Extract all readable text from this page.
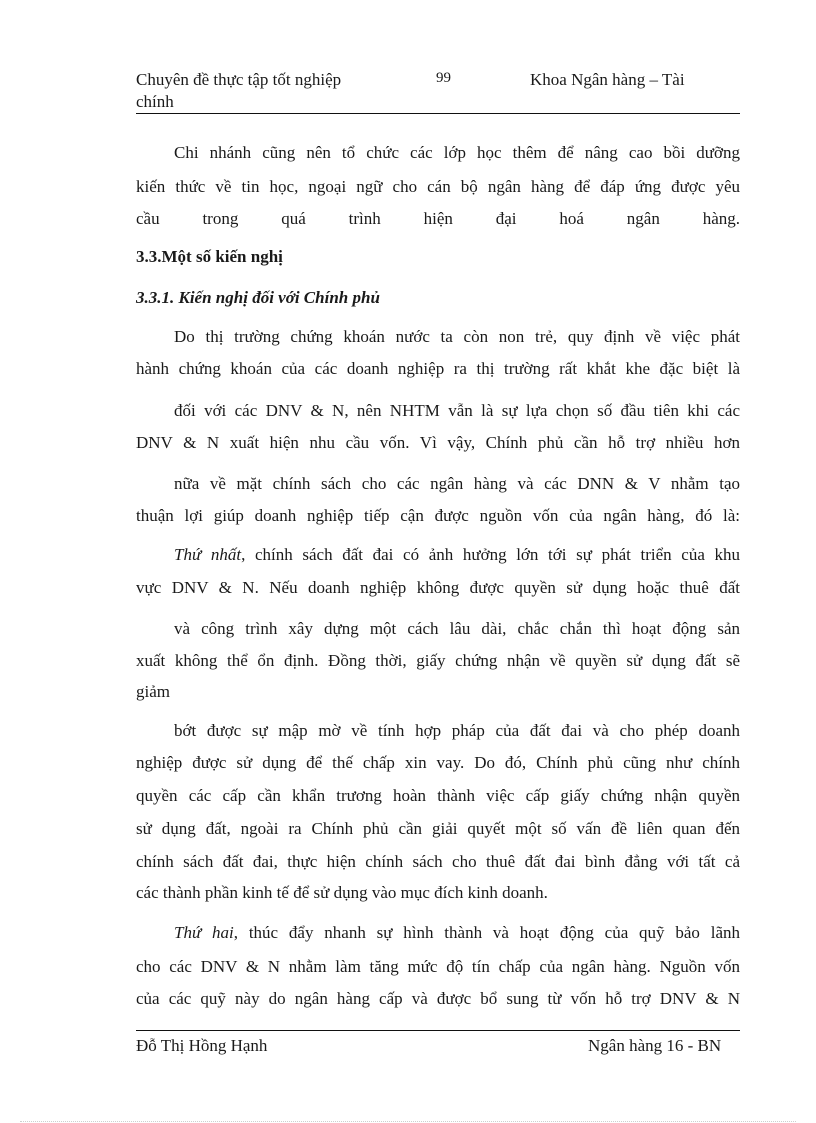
Chuyên đề thực tập tốt nghiệp
chính
99	Khoa Ngân hàng – Tài
Chi nhánh cũng nên tổ chức các lớp học thêm để nâng cao bồi dưỡng
kiến thức về tin học, ngoại ngữ cho cán bộ ngân hàng để đáp ứng được yêu
cầu trong quá trình hiện đại hoá ngân hàng.
3.3.Một số kiến nghị
3.3.1. Kiến nghị đối với Chính phủ
Do thị trường chứng khoán nước ta còn non trẻ, quy định về việc phát
hành chứng khoán của các doanh nghiệp ra thị trường rất khắt khe đặc biệt là
đối với các DNV & N, nên NHTM vẫn là sự lựa chọn số đầu tiên khi các
DNV & N xuất hiện nhu cầu vốn. Vì vậy, Chính phủ cần hỗ trợ nhiều hơn
nữa về mặt chính sách cho các ngân hàng và các DNN & V nhằm tạo
thuận lợi giúp doanh nghiệp tiếp cận được nguồn vốn của ngân hàng, đó là:
Thứ nhất, chính sách đất đai có ảnh hưởng lớn tới sự phát triển của khu
vực DNV & N. Nếu doanh nghiệp không được quyền sử dụng hoặc thuê đất
và công trình xây dựng một cách lâu dài, chắc chắn thì hoạt động sản
xuất không thể ổn định. Đồng thời, giấy chứng nhận về quyền sử dụng đất sẽ
giảm
bớt được sự mập mờ về tính hợp pháp của đất đai và cho phép doanh
nghiệp được sử dụng để thế chấp xin vay. Do đó, Chính phủ cũng như chính
quyền các cấp cần khẩn trương hoàn thành việc cấp giấy chứng nhận quyền
sử dụng đất, ngoài ra Chính phủ cần giải quyết một số vấn đề liên quan đến
chính sách đất đai, thực hiện chính sách cho thuê đất đai bình đẳng với tất cả
các thành phần kinh tế để sử dụng vào mục đích kinh doanh.
Thứ hai, thúc đẩy nhanh sự hình thành và hoạt động của quỹ bảo lãnh
cho các DNV & N nhằm làm tăng mức độ tín chấp của ngân hàng. Nguồn vốn
của các quỹ này do ngân hàng cấp và được bổ sung từ vốn hỗ trợ DNV & N
Đỗ Thị Hồng Hạnh	Ngân hàng 16 - BN
